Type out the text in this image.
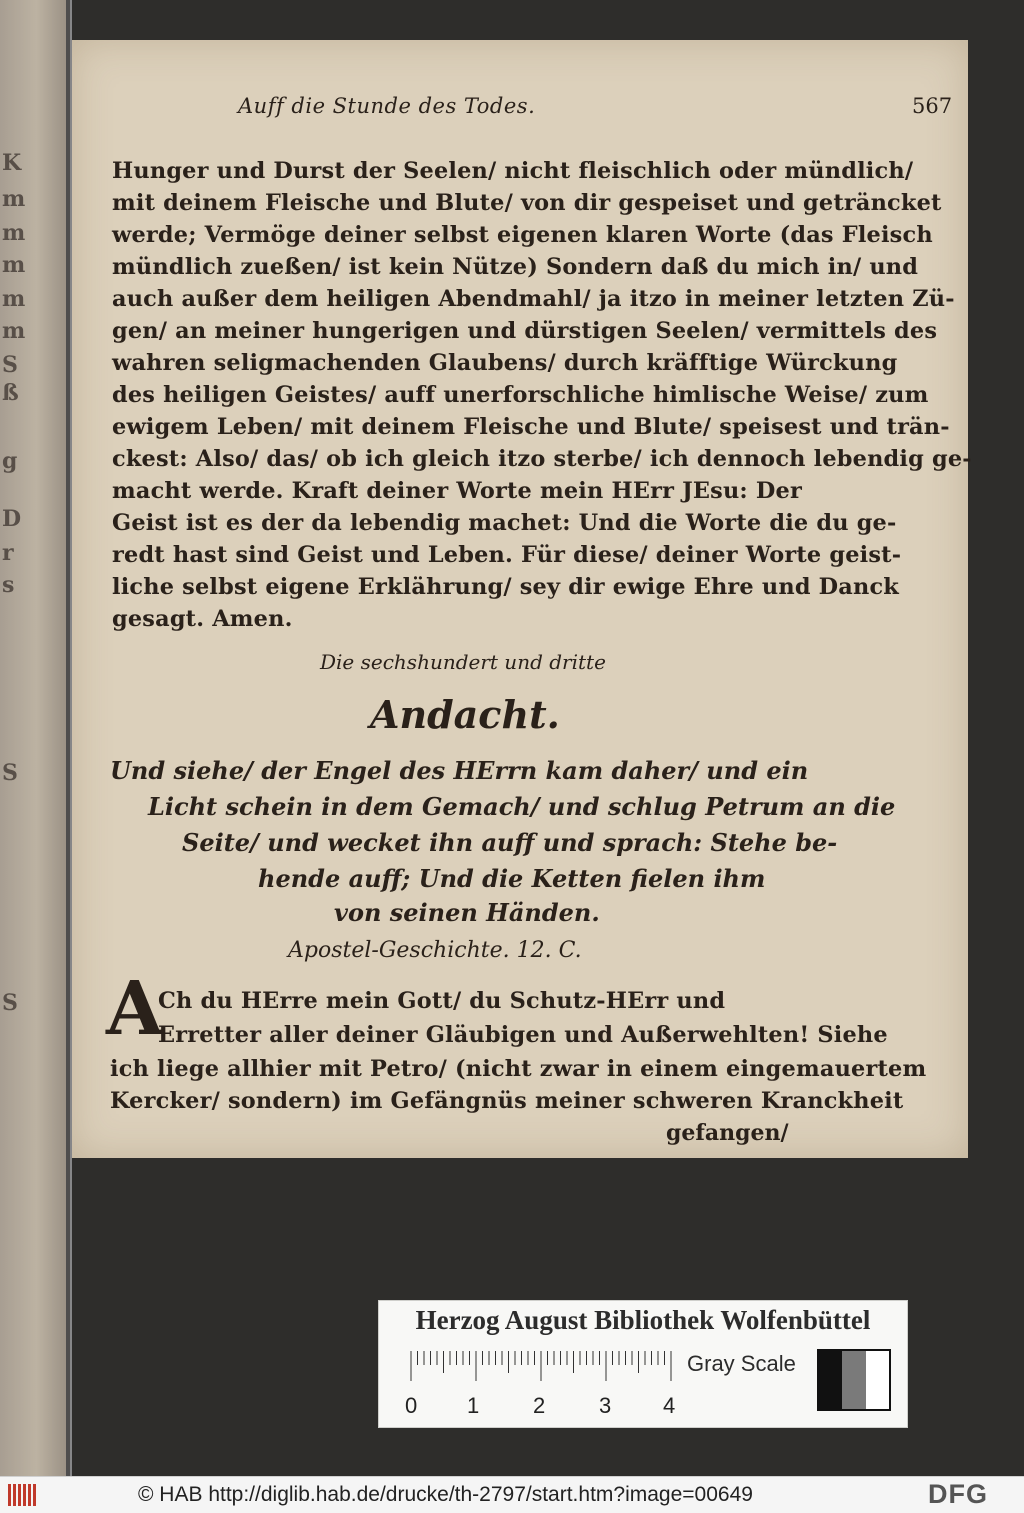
K
m
m
m
m
m
S
ß
g
D
r
s
S
S
Auff die Stunde des Todes.	567
Hunger und Durst der Seelen/ nicht fleischlich oder mündlich/
mit deinem Fleische und Blute/ von dir gespeiset und geträncket
werde; Vermöge deiner selbst eigenen klaren Worte (das Fleisch
mündlich zueßen/ ist kein Nütze) Sondern daß du mich in/ und
auch außer dem heiligen Abendmahl/ ja itzo in meiner letzten Zü-
gen/ an meiner hungerigen und dürstigen Seelen/ vermittels des
wahren seligmachenden Glaubens/ durch kräfftige Würckung
des heiligen Geistes/ auff unerforschliche himlische Weise/ zum
ewigem Leben/ mit deinem Fleische und Blute/ speisest und trän-
ckest: Also/ das/ ob ich gleich itzo sterbe/ ich dennoch lebendig ge-
macht werde. Kraft deiner Worte mein HErr JEsu: Der
Geist ist es der da lebendig machet: Und die Worte die du ge-
redt hast sind Geist und Leben. Für diese/ deiner Worte geist-
liche selbst eigene Erklährung/ sey dir ewige Ehre und Danck
gesagt. Amen.
Die sechshundert und dritte
Andacht.
Und siehe/ der Engel des HErrn kam daher/ und ein
Licht schein in dem Gemach/ und schlug Petrum an die
Seite/ und wecket ihn auff und sprach: Stehe be-
hende auff; Und die Ketten fielen ihm
von seinen Händen.
Apostel-Geschichte. 12. C.
A
Ch du HErre mein Gott/ du Schutz-HErr und
Erretter aller deiner Gläubigen und Außerwehlten! Siehe
ich liege allhier mit Petro/ (nicht zwar in einem eingemauertem
Kercker/ sondern) im Gefängnüs meiner schweren Kranckheit
gefangen/
Herzog August Bibliothek Wolfenbüttel
0 1 2 3 4
Gray Scale
© HAB http://diglib.hab.de/drucke/th-2797/start.htm?image=00649	DFG
